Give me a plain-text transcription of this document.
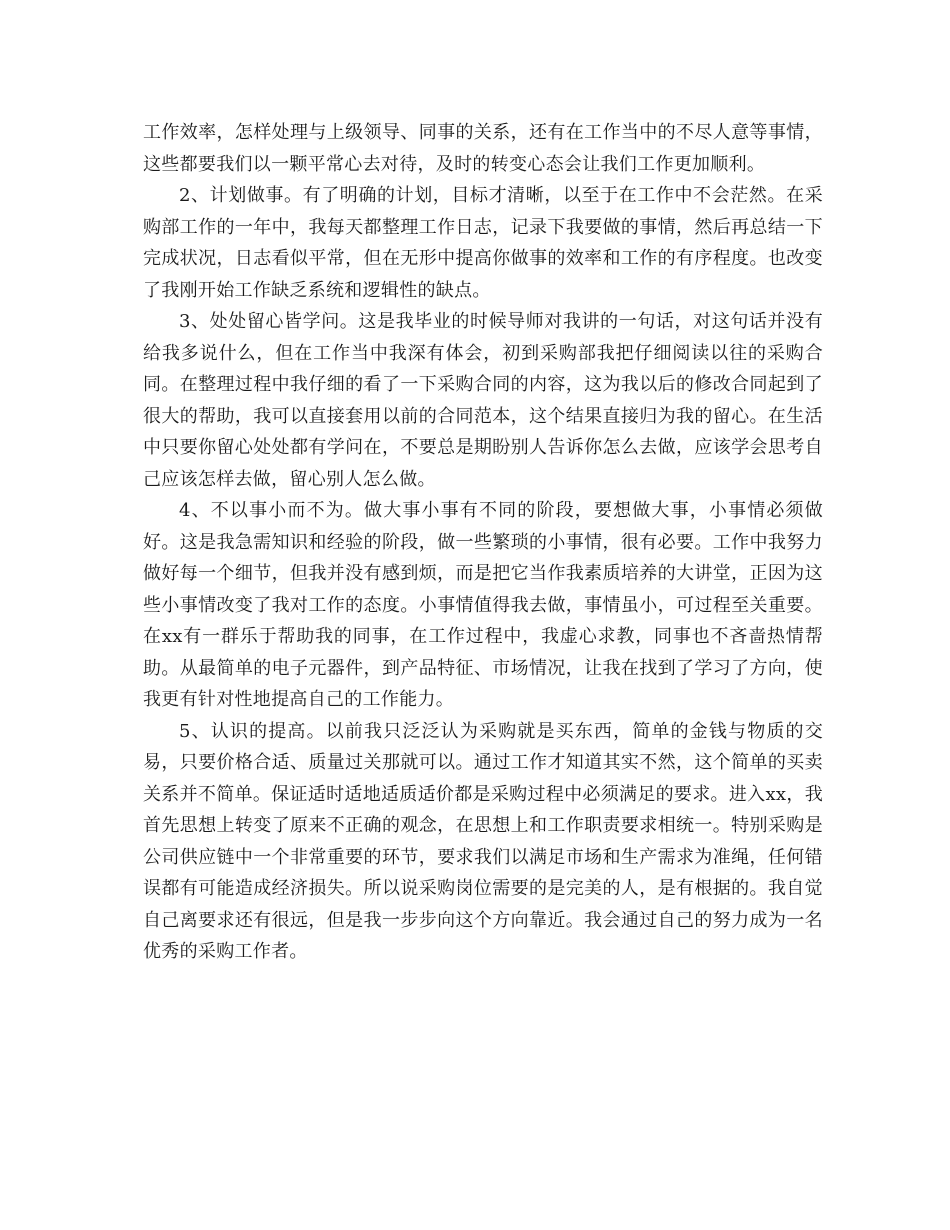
工作效率，怎样处理与上级领导、同事的关系，还有在工作当中的不尽人意等事情，这些都要我们以一颗平常心去对待，及时的转变心态会让我们工作更加顺利。

2、计划做事。有了明确的计划，目标才清晰，以至于在工作中不会茫然。在采购部工作的一年中，我每天都整理工作日志，记录下我要做的事情，然后再总结一下完成状况，日志看似平常，但在无形中提高你做事的效率和工作的有序程度。也改变了我刚开始工作缺乏系统和逻辑性的缺点。

3、处处留心皆学问。这是我毕业的时候导师对我讲的一句话，对这句话并没有给我多说什么，但在工作当中我深有体会，初到采购部我把仔细阅读以往的采购合同。在整理过程中我仔细的看了一下采购合同的内容，这为我以后的修改合同起到了很大的帮助，我可以直接套用以前的合同范本，这个结果直接归为我的留心。在生活中只要你留心处处都有学问在，不要总是期盼别人告诉你怎么去做，应该学会思考自己应该怎样去做，留心别人怎么做。

4、不以事小而不为。做大事小事有不同的阶段，要想做大事，小事情必须做好。这是我急需知识和经验的阶段，做一些繁琐的小事情，很有必要。工作中我努力做好每一个细节，但我并没有感到烦，而是把它当作我素质培养的大讲堂，正因为这些小事情改变了我对工作的态度。小事情值得我去做，事情虽小，可过程至关重要。在xx有一群乐于帮助我的同事，在工作过程中，我虚心求教，同事也不吝啬热情帮助。从最简单的电子元器件，到产品特征、市场情况，让我在找到了学习了方向，使我更有针对性地提高自己的工作能力。

5、认识的提高。以前我只泛泛认为采购就是买东西，简单的金钱与物质的交易，只要价格合适、质量过关那就可以。通过工作才知道其实不然，这个简单的买卖关系并不简单。保证适时适地适质适价都是采购过程中必须满足的要求。进入xx，我首先思想上转变了原来不正确的观念，在思想上和工作职责要求相统一。特别采购是公司供应链中一个非常重要的环节，要求我们以满足市场和生产需求为准绳，任何错误都有可能造成经济损失。所以说采购岗位需要的是完美的人，是有根据的。我自觉自己离要求还有很远，但是我一步步向这个方向靠近。我会通过自己的努力成为一名优秀的采购工作者。
